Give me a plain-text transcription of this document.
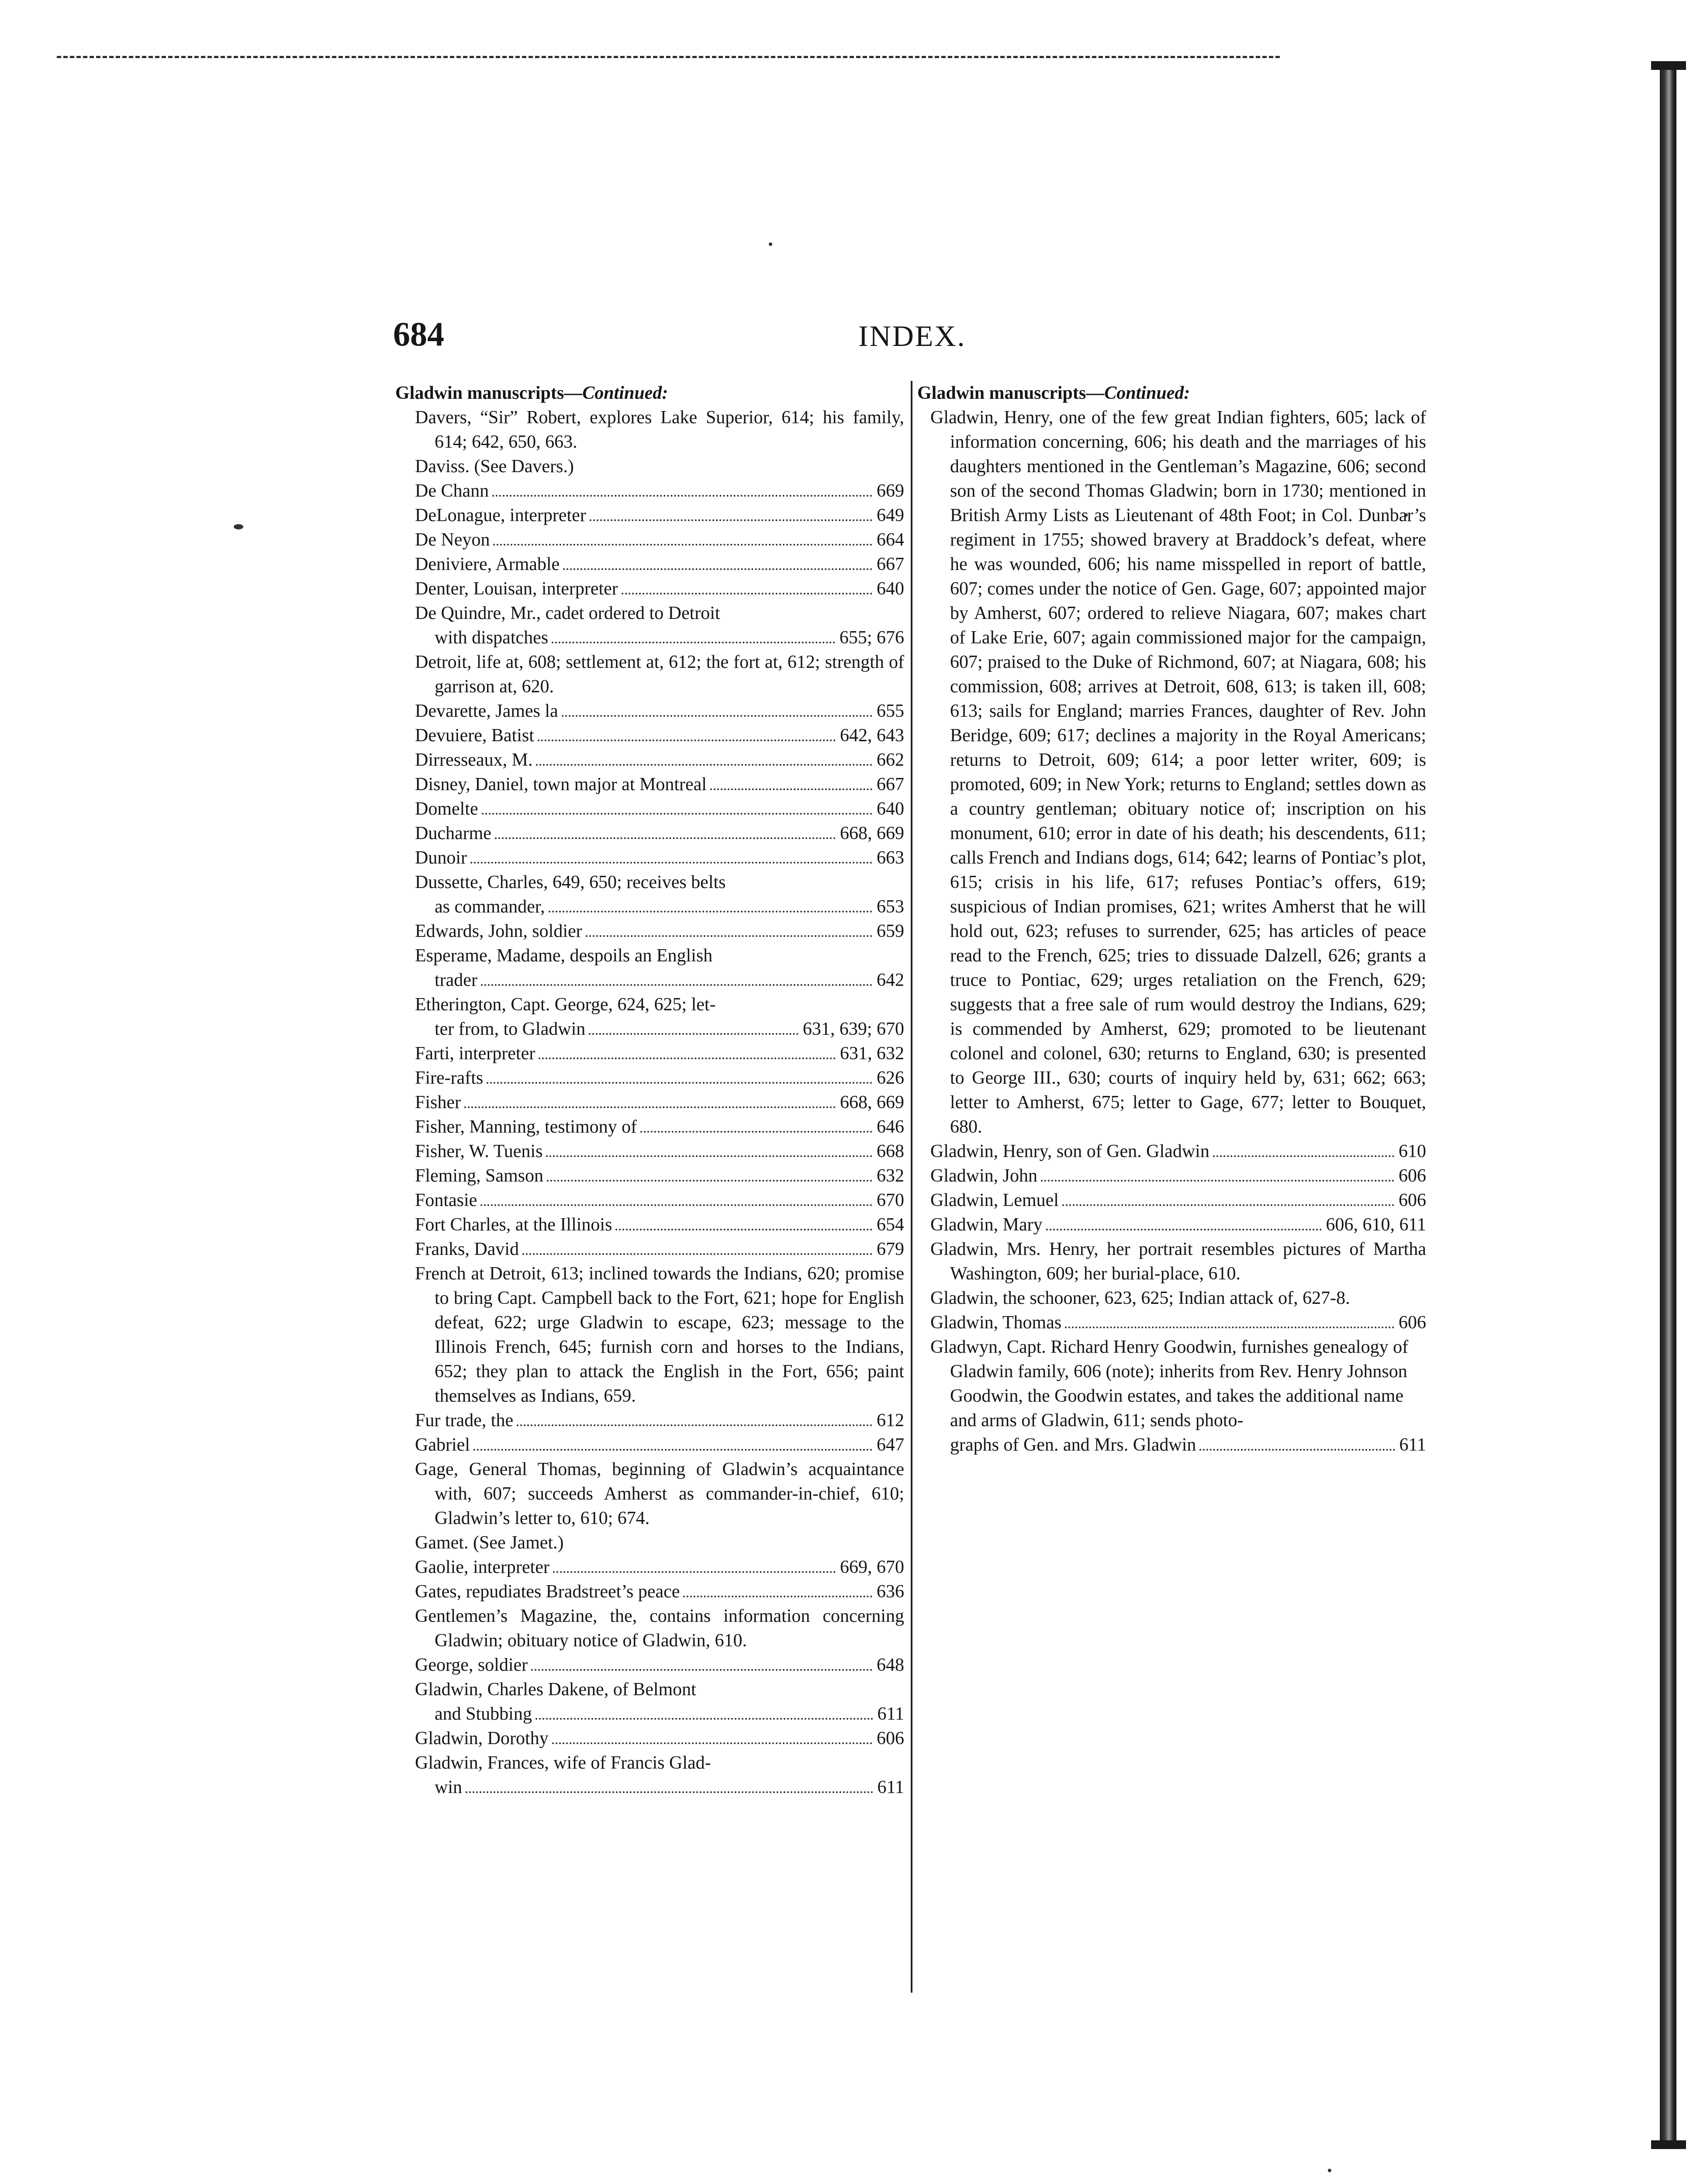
684	INDEX.
Gladwin manuscripts—Continued:
Davers, “Sir” Robert, explores Lake Superior, 614; his family, 614; 642, 650, 663.
Daviss. (See Davers.)
De Chann	669
DeLonague, interpreter	649
De Neyon	664
Deniviere, Armable	667
Denter, Louisan, interpreter	640
De Quindre, Mr., cadet ordered to Detroit
with dispatches	655; 676
Detroit, life at, 608; settlement at, 612; the fort at, 612; strength of garrison at, 620.
Devarette, James la	655
Devuiere, Batist	642, 643
Dirresseaux, M.	662
Disney, Daniel, town major at Montreal	667
Domelte	640
Ducharme	668, 669
Dunoir	663
Dussette, Charles, 649, 650; receives belts
as commander,	653
Edwards, John, soldier	659
Esperame, Madame, despoils an English
trader	642
Etherington, Capt. George, 624, 625; let-
ter from, to Gladwin	631, 639; 670
Farti, interpreter	631, 632
Fire-rafts	626
Fisher	668, 669
Fisher, Manning, testimony of	646
Fisher, W. Tuenis	668
Fleming, Samson	632
Fontasie	670
Fort Charles, at the Illinois	654
Franks, David	679
French at Detroit, 613; inclined towards the Indians, 620; promise to bring Capt. Campbell back to the Fort, 621; hope for English defeat, 622; urge Gladwin to escape, 623; message to the Illinois French, 645; furnish corn and horses to the Indians, 652; they plan to attack the English in the Fort, 656; paint themselves as Indians, 659.
Fur trade, the	612
Gabriel	647
Gage, General Thomas, beginning of Gladwin’s acquaintance with, 607; succeeds Amherst as commander-in-chief, 610; Gladwin’s letter to, 610; 674.
Gamet. (See Jamet.)
Gaolie, interpreter	669, 670
Gates, repudiates Bradstreet’s peace	636
Gentlemen’s Magazine, the, contains information concerning Gladwin; obituary notice of Gladwin, 610.
George, soldier	648
Gladwin, Charles Dakene, of Belmont
and Stubbing	611
Gladwin, Dorothy	606
Gladwin, Frances, wife of Francis Glad-
win	611
Gladwin manuscripts—Continued:
Gladwin, Henry, one of the few great Indian fighters, 605; lack of information concerning, 606; his death and the marriages of his daughters mentioned in the Gentleman’s Magazine, 606; second son of the second Thomas Gladwin; born in 1730; mentioned in British Army Lists as Lieutenant of 48th Foot; in Col. Dunbar’s regiment in 1755; showed bravery at Braddock’s defeat, where he was wounded, 606; his name misspelled in report of battle, 607; comes under the notice of Gen. Gage, 607; appointed major by Amherst, 607; ordered to relieve Niagara, 607; makes chart of Lake Erie, 607; again commissioned major for the campaign, 607; praised to the Duke of Richmond, 607; at Niagara, 608; his commission, 608; arrives at Detroit, 608, 613; is taken ill, 608; 613; sails for England; marries Frances, daughter of Rev. John Beridge, 609; 617; declines a majority in the Royal Americans; returns to Detroit, 609; 614; a poor letter writer, 609; is promoted, 609; in New York; returns to England; settles down as a country gentleman; obituary notice of; inscription on his monument, 610; error in date of his death; his descendents, 611; calls French and Indians dogs, 614; 642; learns of Pontiac’s plot, 615; crisis in his life, 617; refuses Pontiac’s offers, 619; suspicious of Indian promises, 621; writes Amherst that he will hold out, 623; refuses to surrender, 625; has articles of peace read to the French, 625; tries to dissuade Dalzell, 626; grants a truce to Pontiac, 629; urges retaliation on the French, 629; suggests that a free sale of rum would destroy the Indians, 629; is commended by Amherst, 629; promoted to be lieutenant colonel and colonel, 630; returns to England, 630; is presented to George III., 630; courts of inquiry held by, 631; 662; 663; letter to Amherst, 675; letter to Gage, 677; letter to Bouquet, 680.
Gladwin, Henry, son of Gen. Gladwin	610
Gladwin, John	606
Gladwin, Lemuel	606
Gladwin, Mary	606, 610, 611
Gladwin, Mrs. Henry, her portrait resembles pictures of Martha Washington, 609; her burial-place, 610.
Gladwin, the schooner, 623, 625; Indian attack of, 627-8.
Gladwin, Thomas	606
Gladwyn, Capt. Richard Henry Goodwin, furnishes genealogy of Gladwin family, 606 (note); inherits from Rev. Henry Johnson Goodwin, the Goodwin estates, and takes the additional name and arms of Gladwin, 611; sends photo-
graphs of Gen. and Mrs. Gladwin	611
